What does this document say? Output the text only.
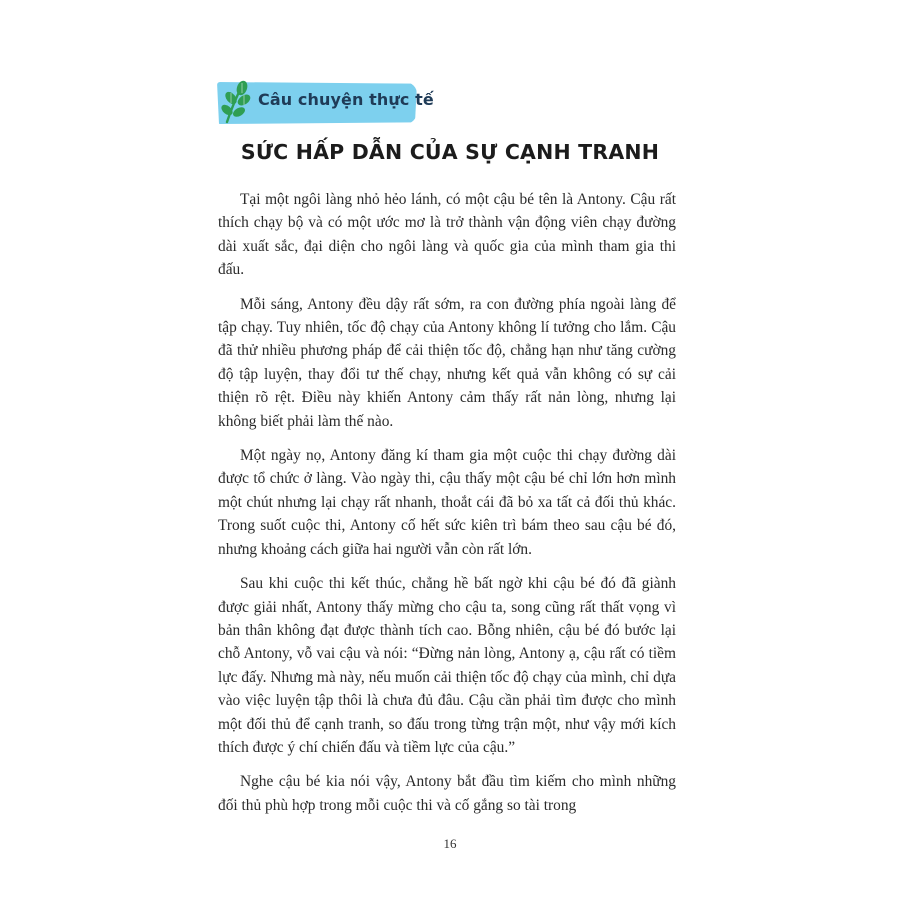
Câu chuyện thực tế
SỨC HẤP DẪN CỦA SỰ CẠNH TRANH

Tại một ngôi làng nhỏ hẻo lánh, có một cậu bé tên là Antony. Cậu rất thích chạy bộ và có một ước mơ là trở thành vận động viên chạy đường dài xuất sắc, đại diện cho ngôi làng và quốc gia của mình tham gia thi đấu.

Mỗi sáng, Antony đều dậy rất sớm, ra con đường phía ngoài làng để tập chạy. Tuy nhiên, tốc độ chạy của Antony không lí tưởng cho lắm. Cậu đã thử nhiều phương pháp để cải thiện tốc độ, chẳng hạn như tăng cường độ tập luyện, thay đổi tư thế chạy, nhưng kết quả vẫn không có sự cải thiện rõ rệt. Điều này khiến Antony cảm thấy rất nản lòng, nhưng lại không biết phải làm thế nào.

Một ngày nọ, Antony đăng kí tham gia một cuộc thi chạy đường dài được tổ chức ở làng. Vào ngày thi, cậu thấy một cậu bé chỉ lớn hơn mình một chút nhưng lại chạy rất nhanh, thoắt cái đã bỏ xa tất cả đối thủ khác. Trong suốt cuộc thi, Antony cố hết sức kiên trì bám theo sau cậu bé đó, nhưng khoảng cách giữa hai người vẫn còn rất lớn.

Sau khi cuộc thi kết thúc, chẳng hề bất ngờ khi cậu bé đó đã giành được giải nhất, Antony thấy mừng cho cậu ta, song cũng rất thất vọng vì bản thân không đạt được thành tích cao. Bỗng nhiên, cậu bé đó bước lại chỗ Antony, vỗ vai cậu và nói: “Đừng nản lòng, Antony ạ, cậu rất có tiềm lực đấy. Nhưng mà này, nếu muốn cải thiện tốc độ chạy của mình, chỉ dựa vào việc luyện tập thôi là chưa đủ đâu. Cậu cần phải tìm được cho mình một đối thủ để cạnh tranh, so đấu trong từng trận một, như vậy mới kích thích được ý chí chiến đấu và tiềm lực của cậu.”

Nghe cậu bé kia nói vậy, Antony bắt đầu tìm kiếm cho mình những đối thủ phù hợp trong mỗi cuộc thi và cố gắng so tài trong

16
